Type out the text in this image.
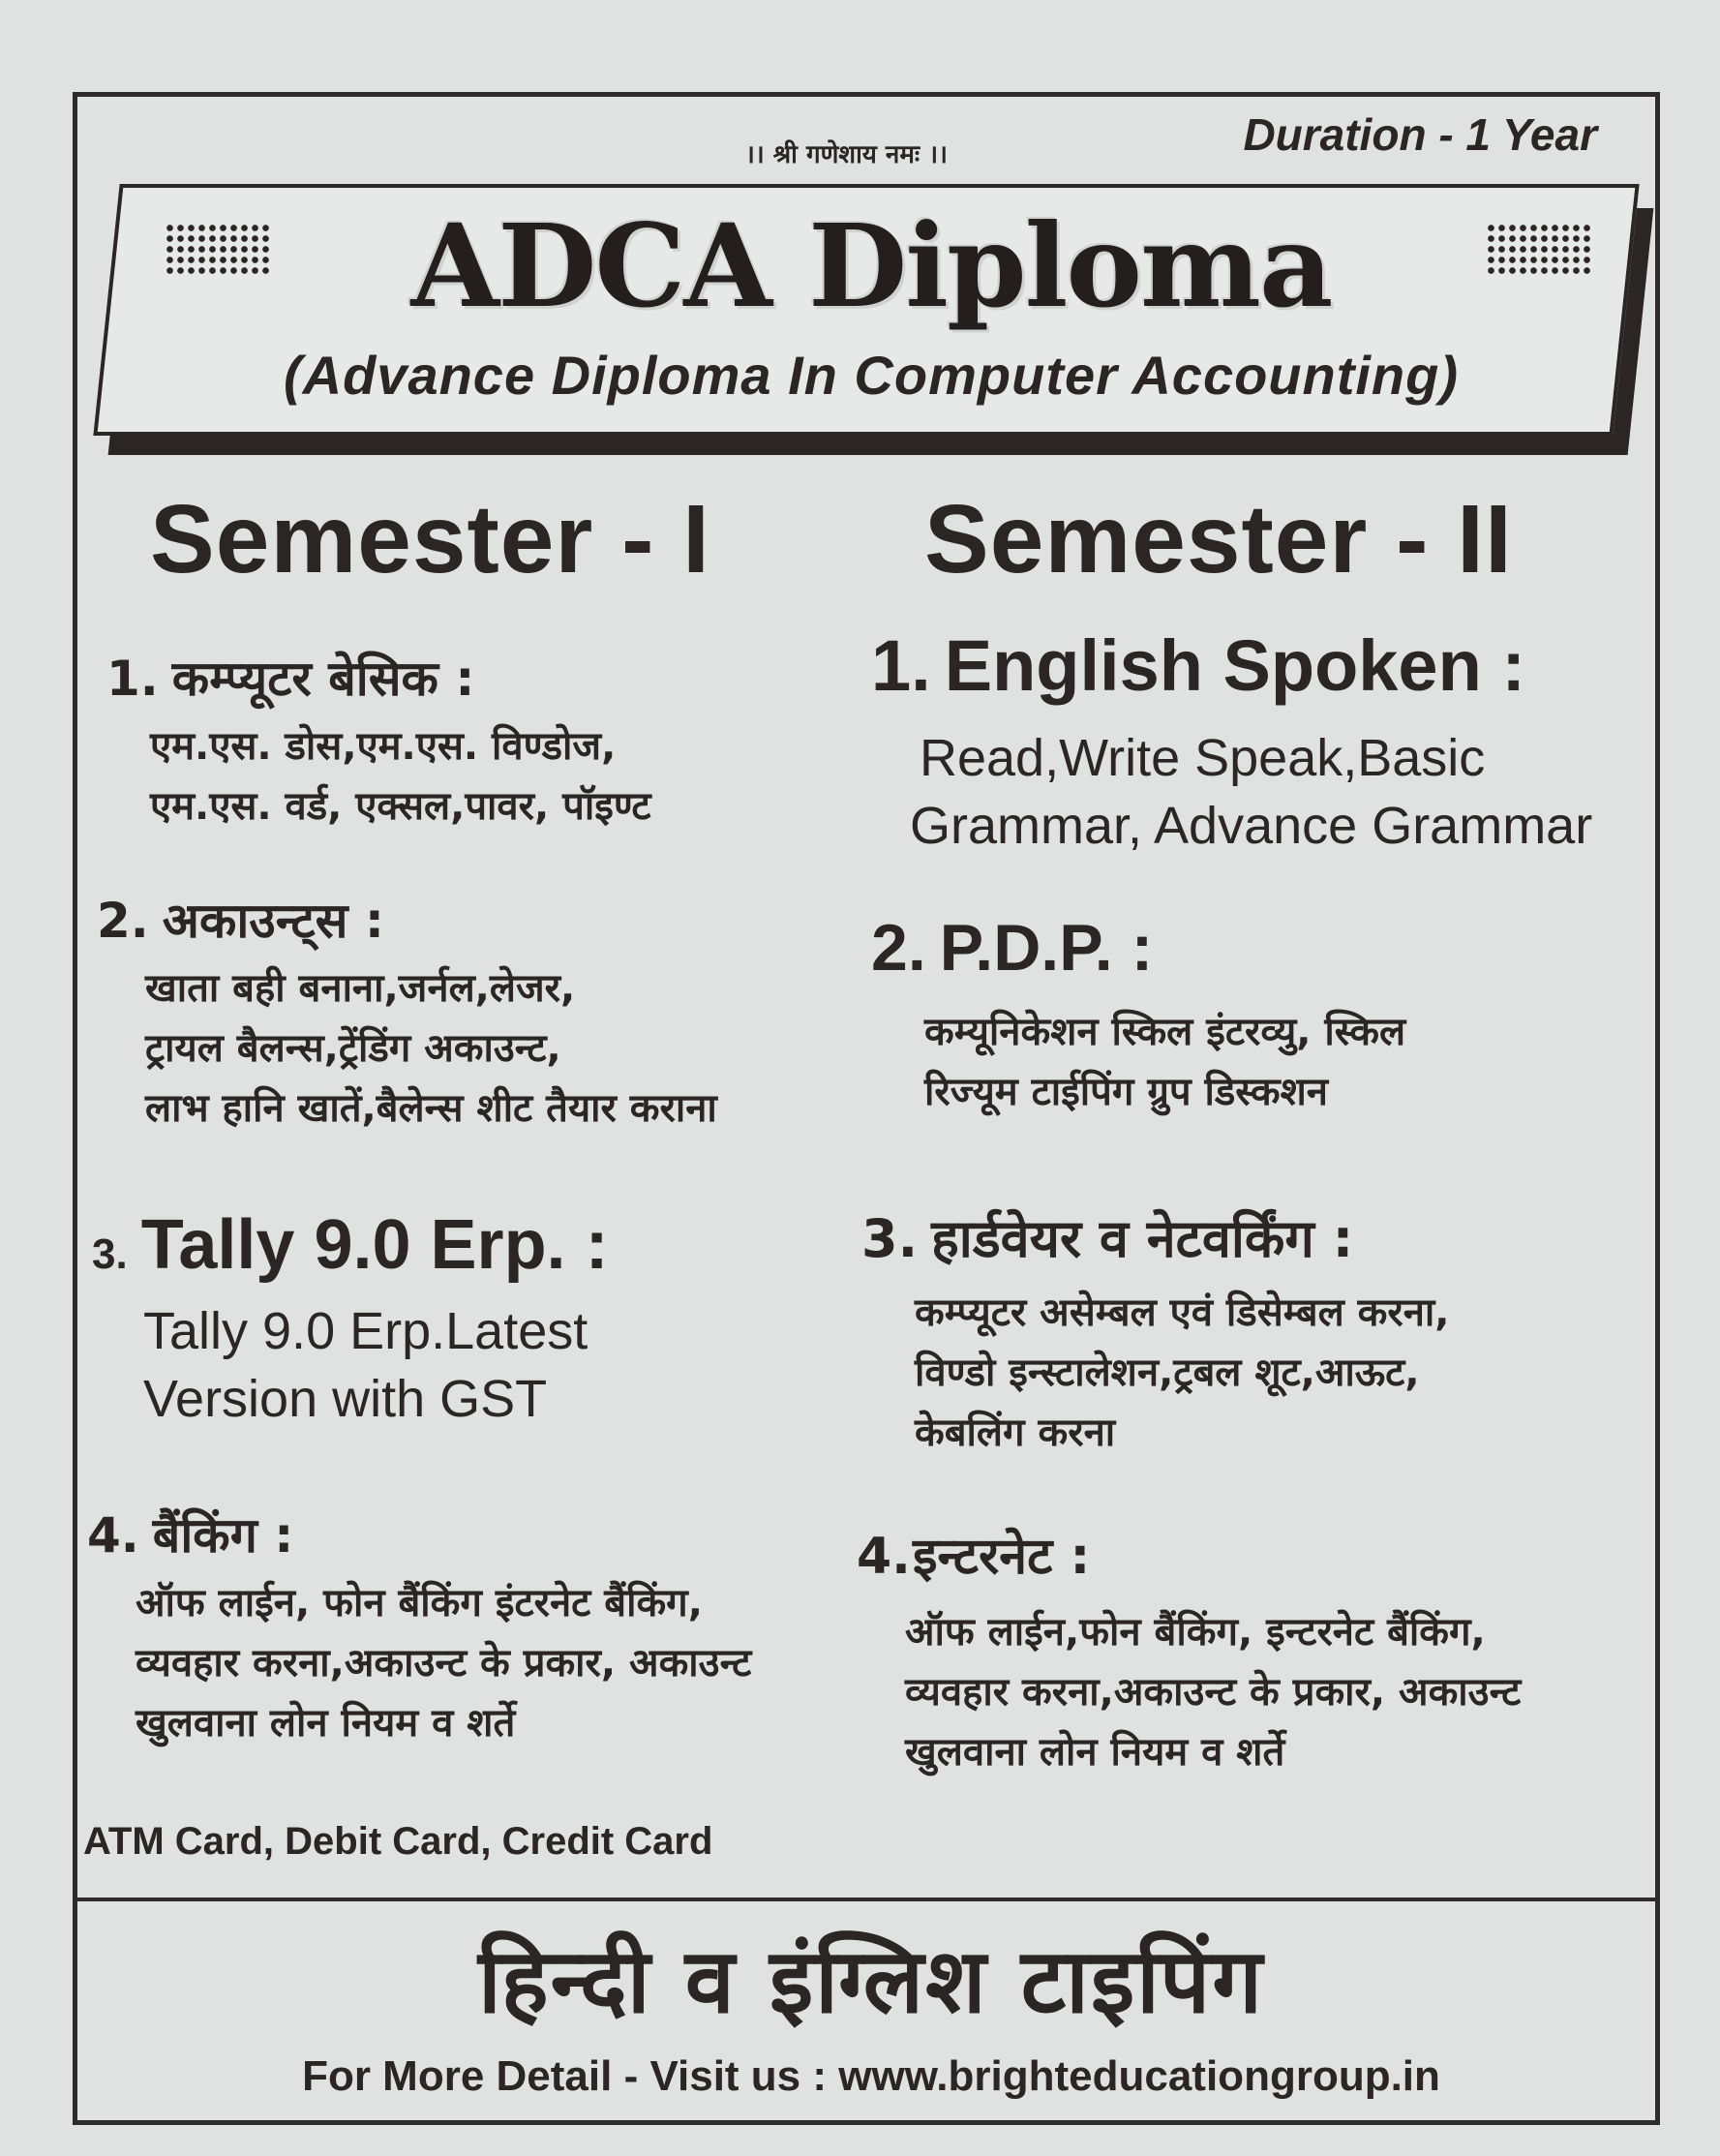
।। श्री गणेशाय नमः ।।	Duration - 1 Year
ADCA Diploma
(Advance Diploma In Computer Accounting)
Semester - I Semester - II
1. कम्प्यूटर बेसिक :
एम.एस. डोस,एम.एस. विण्डोज,
एम.एस. वर्ड, एक्सल,पावर, पॉइण्ट
2. अकाउन्ट्स :
खाता बही बनाना,जर्नल,लेजर,
ट्रायल बैलन्स,ट्रेंडिंग अकाउन्ट,
लाभ हानि खातें,बैलेन्स शीट तैयार कराना
3. Tally 9.0 Erp. :
Tally 9.0 Erp.Latest
Version with GST
4. बैंकिंग :
ऑफ लाईन, फोन बैंकिंग इंटरनेट बैंकिंग,
व्यवहार करना,अकाउन्ट के प्रकार, अकाउन्ट
खुलवाना लोन नियम व शर्ते
ATM Card, Debit Card, Credit Card
1. English Spoken :
Read,Write Speak,Basic
Grammar, Advance Grammar
2. P.D.P. :
कम्यूनिकेशन स्किल इंटरव्यु, स्किल
रिज्यूम टाईपिंग ग्रुप डिस्कशन
3. हार्डवेयर व नेटवर्किंग :
कम्प्यूटर असेम्बल एवं डिसेम्बल करना,
विण्डो इन्स्टालेशन,ट्रबल शूट,आऊट,
केबलिंग करना
4.इन्टरनेट :
ऑफ लाईन,फोन बैंकिंग, इन्टरनेट बैंकिंग,
व्यवहार करना,अकाउन्ट के प्रकार, अकाउन्ट
खुलवाना लोन नियम व शर्ते
हिन्दी व इंग्लिश टाइपिंग
For More Detail - Visit us : www.brighteducationgroup.in
